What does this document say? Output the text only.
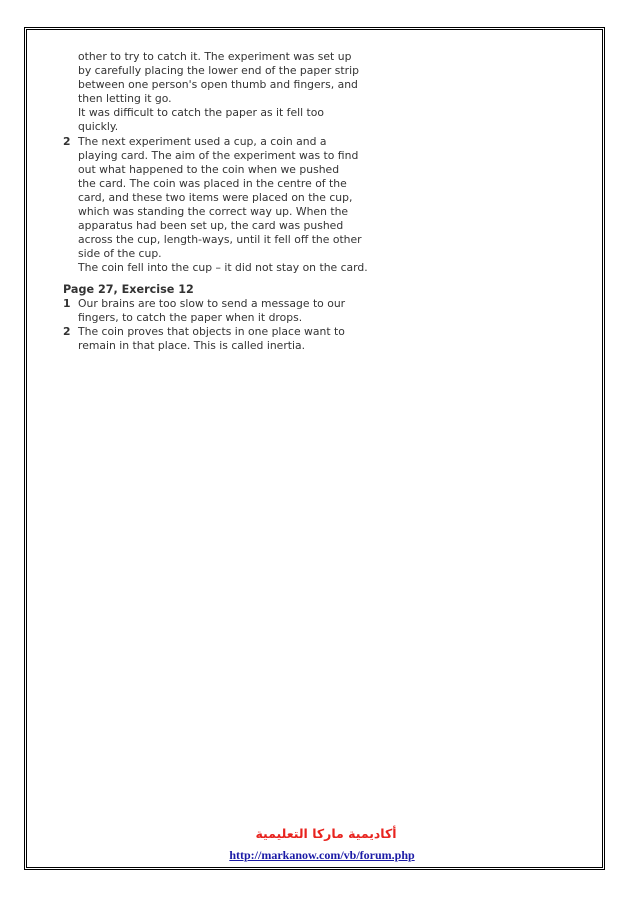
other to try to catch it. The experiment was set up

by carefully placing the lower end of the paper strip

between one person's open thumb and fingers, and

then letting it go.

It was difficult to catch the paper as it fell too

quickly.

2 The next experiment used a cup, a coin and a
playing card. The aim of the experiment was to find
out what happened to the coin when we pushed
the card. The coin was placed in the centre of the
card, and these two items were placed on the cup,
which was standing the correct way up. When the
apparatus had been set up, the card was pushed
across the cup, length-ways, until it fell off the other
side of the cup.
The coin fell into the cup – it did not stay on the card.

Page 27, Exercise 12

1 Our brains are too slow to send a message to our
fingers, to catch the paper when it drops.
2 The coin proves that objects in one place want to
remain in that place. This is called inertia.
أكاديمية ماركا التعليمية
http://markanow.com/vb/forum.php
